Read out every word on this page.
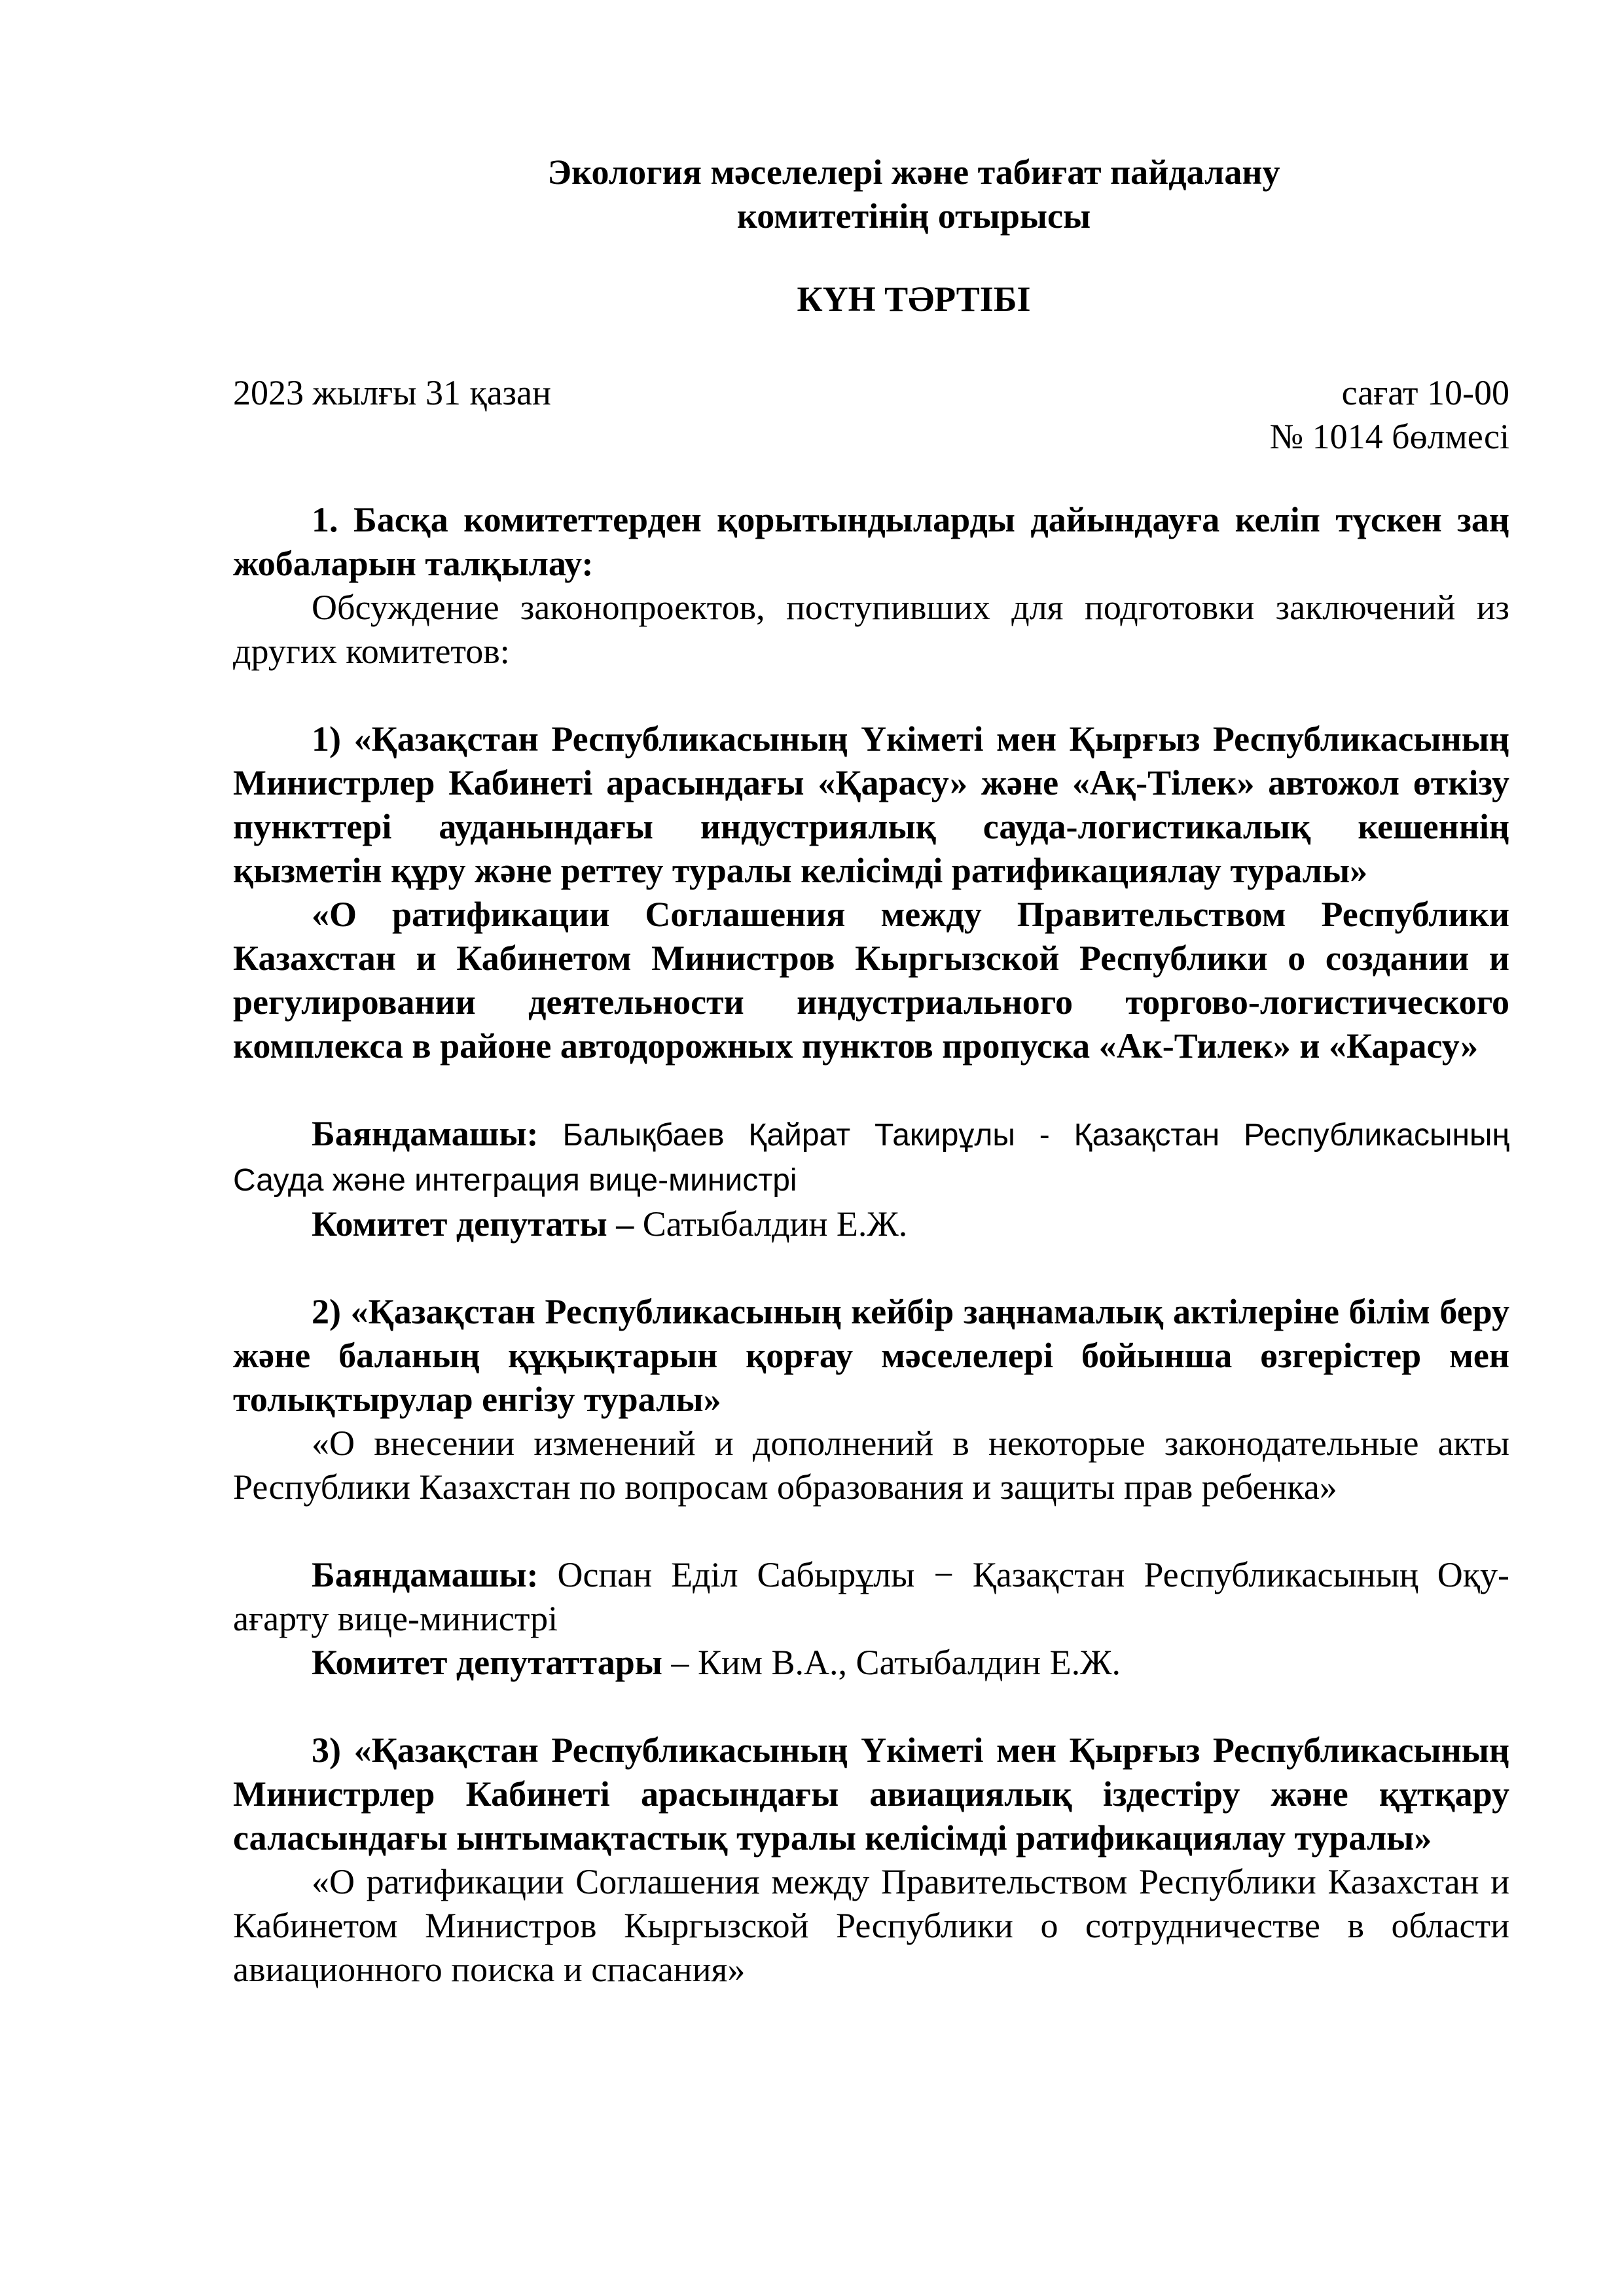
Экология мәселелері және табиғат пайдалану
комитетінің отырысы
КҮН ТӘРТІБІ
2023 жылғы 31 қазан	сағат 10-00
№ 1014 бөлмесі
1. Басқа комитеттерден қорытындыларды дайындауға келіп түскен заң жобаларын талқылау:
Обсуждение законопроектов, поступивших для подготовки заключений из других комитетов:
1) «Қазақстан Республикасының Үкіметі мен Қырғыз Республикасының Министрлер Кабинеті арасындағы «Қарасу» және «Ақ-Тілек» автожол өткізу пункттері ауданындағы индустриялық сауда-логистикалық кешеннің қызметін құру және реттеу туралы келісімді ратификациялау туралы»
«О ратификации Соглашения между Правительством Республики Казахстан и Кабинетом Министров Кыргызской Республики о создании и регулировании деятельности индустриального торгово-логистического комплекса в районе автодорожных пунктов пропуска «Ак-Тилек» и «Карасу»
Баяндамашы: Балықбаев Қайрат Такирұлы - Қазақстан Республикасының Сауда және интеграция вице-министрі
Комитет депутаты – Сатыбалдин Е.Ж.
2) «Қазақстан Республикасының кейбір заңнамалық актілеріне білім беру және баланың құқықтарын қорғау мәселелері бойынша өзгерістер мен толықтырулар енгізу туралы»
«О внесении изменений и дополнений в некоторые законодательные акты Республики Казахстан по вопросам образования и защиты прав ребенка»
Баяндамашы: Оспан Еділ Сабырұлы − Қазақстан Республикасының Оқу-ағарту вице-министрі
Комитет депутаттары – Ким В.А., Сатыбалдин Е.Ж.
3) «Қазақстан Республикасының Үкіметі мен Қырғыз Республикасының Министрлер Кабинеті арасындағы авиациялық іздестіру және құтқару саласындағы ынтымақтастық туралы келісімді ратификациялау туралы»
«О ратификации Соглашения между Правительством Республики Казахстан и Кабинетом Министров Кыргызской Республики о сотрудничестве в области авиационного поиска и спасания»
